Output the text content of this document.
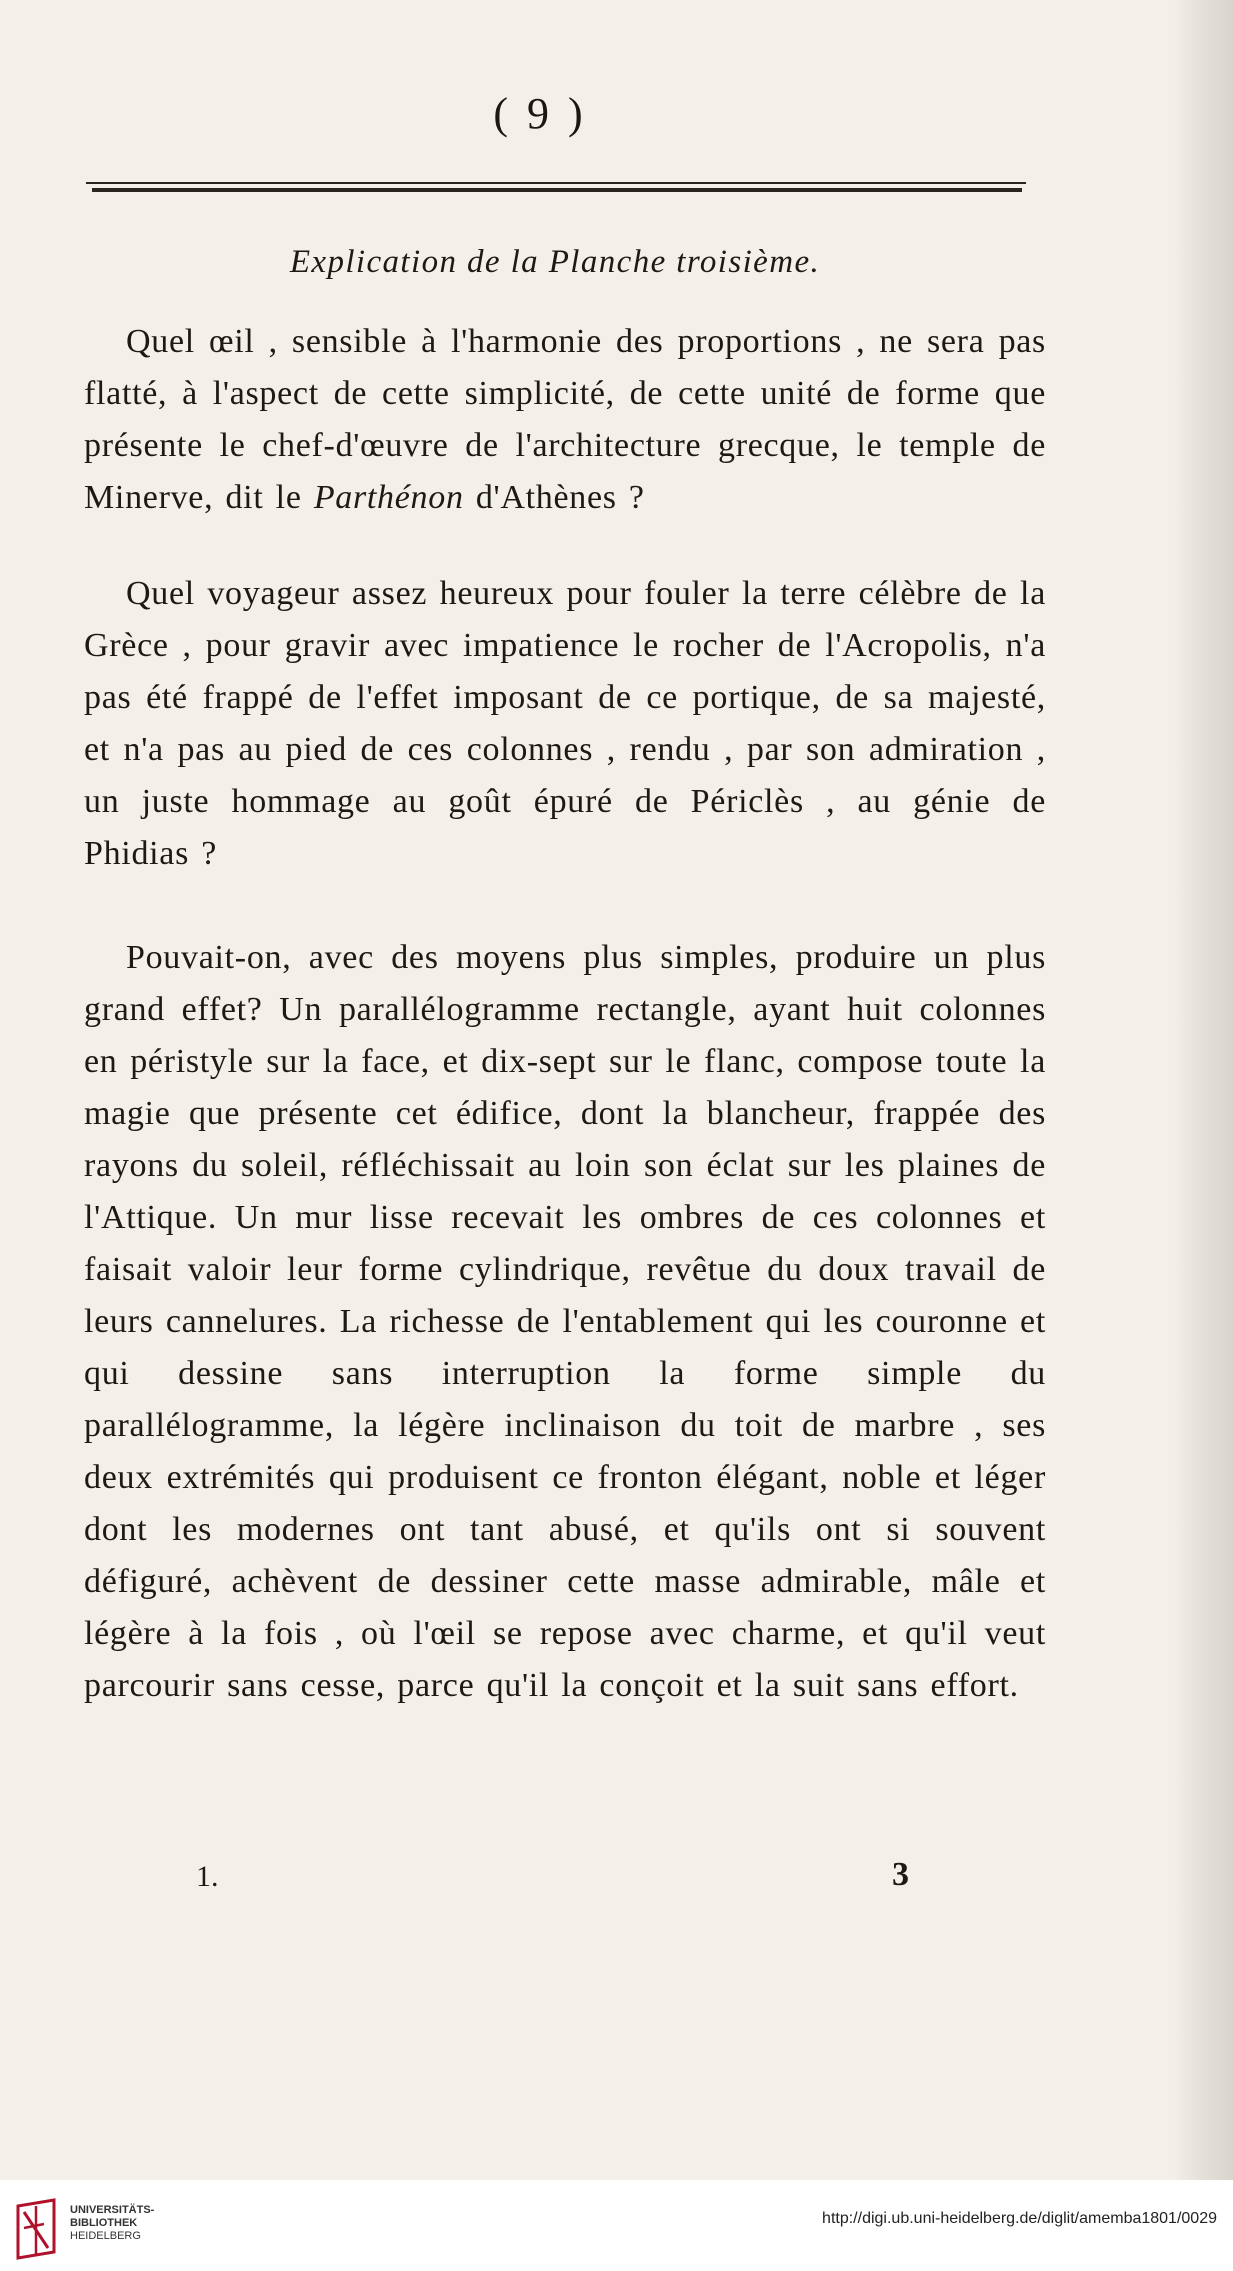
( 9 )
Explication de la Planche troisième.

Quel œil , sensible à l'harmonie des proportions , ne sera pas flatté, à l'aspect de cette simplicité, de cette unité de forme que présente le chef-d'œuvre de l'architecture grecque, le temple de Minerve, dit le Parthénon d'Athènes ?

Quel voyageur assez heureux pour fouler la terre célèbre de la Grèce , pour gravir avec impatience le rocher de l'Acropolis, n'a pas été frappé de l'effet imposant de ce portique, de sa majesté, et n'a pas au pied de ces colonnes , rendu , par son admiration , un juste hommage au goût épuré de Périclès , au génie de Phidias ?

Pouvait-on, avec des moyens plus simples, produire un plus grand effet? Un parallélogramme rectangle, ayant huit colonnes en péristyle sur la face, et dix-sept sur le flanc, compose toute la magie que présente cet édifice, dont la blancheur, frappée des rayons du soleil, réfléchissait au loin son éclat sur les plaines de l'Attique. Un mur lisse recevait les ombres de ces colonnes et faisait valoir leur forme cylindrique, revêtue du doux travail de leurs cannelures. La richesse de l'entablement qui les couronne et qui dessine sans interruption la forme simple du parallélogramme, la légère inclinaison du toit de marbre , ses deux extrémités qui produisent ce fronton élégant, noble et léger dont les modernes ont tant abusé, et qu'ils ont si souvent défiguré, achèvent de dessiner cette masse admirable, mâle et légère à la fois , où l'œil se repose avec charme, et qu'il veut parcourir sans cesse, parce qu'il la conçoit et la suit sans effort.

1.	3
UNIVERSITÄTS-
BIBLIOTHEK
HEIDELBERG
http://digi.ub.uni-heidelberg.de/diglit/amemba1801/0029
